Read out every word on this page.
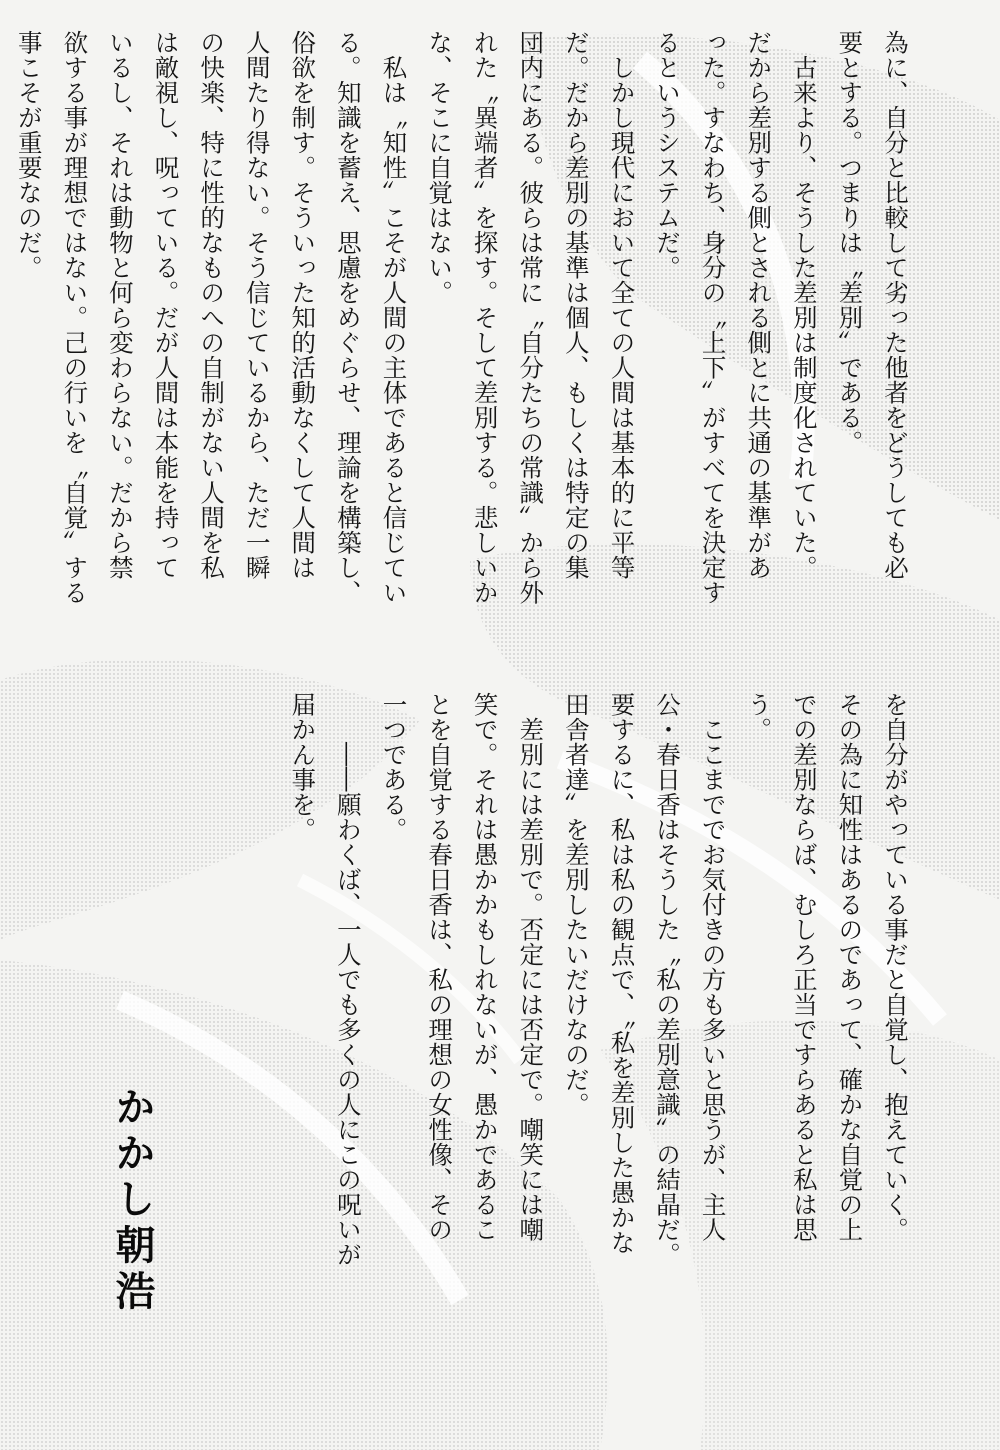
為に、自分と比較して劣った他者をどうしても必

要とする。つまりは〝差別〟である。

　古来より、そうした差別は制度化されていた。

だから差別する側とされる側とに共通の基準があ

った。すなわち、身分の〝上下〟がすべてを決定す

るというシステムだ。

　しかし現代において全ての人間は基本的に平等

だ。だから差別の基準は個人、もしくは特定の集

団内にある。彼らは常に〝自分たちの常識〟から外

れた〝異端者〟を探す。そして差別する。悲しいか

な、そこに自覚はない。

　私は〝知性〟こそが人間の主体であると信じてい

る。知識を蓄え、思慮をめぐらせ、理論を構築し、

俗欲を制す。そういった知的活動なくして人間は

人間たり得ない。そう信じているから、ただ一瞬

の快楽、特に性的なものへの自制がない人間を私

は敵視し、呪っている。だが人間は本能を持って

いるし、それは動物と何ら変わらない。だから禁

欲する事が理想ではない。己の行いを〝自覚〟する

事こそが重要なのだ。

を自分がやっている事だと自覚し、抱えていく。

その為に知性はあるのであって、確かな自覚の上

での差別ならば、むしろ正当ですらあると私は思

う。

　ここまででお気付きの方も多いと思うが、主人

公・春日香はそうした〝私の差別意識〟の結晶だ。

要するに、私は私の観点で、〝私を差別した愚かな

田舎者達〟を差別したいだけなのだ。

　差別には差別で。否定には否定で。嘲笑には嘲

笑で。それは愚かかもしれないが、愚かであるこ

とを自覚する春日香は、私の理想の女性像、その

一つである。

　　――願わくば、一人でも多くの人にこの呪いが

届かん事を。

かかし朝浩
